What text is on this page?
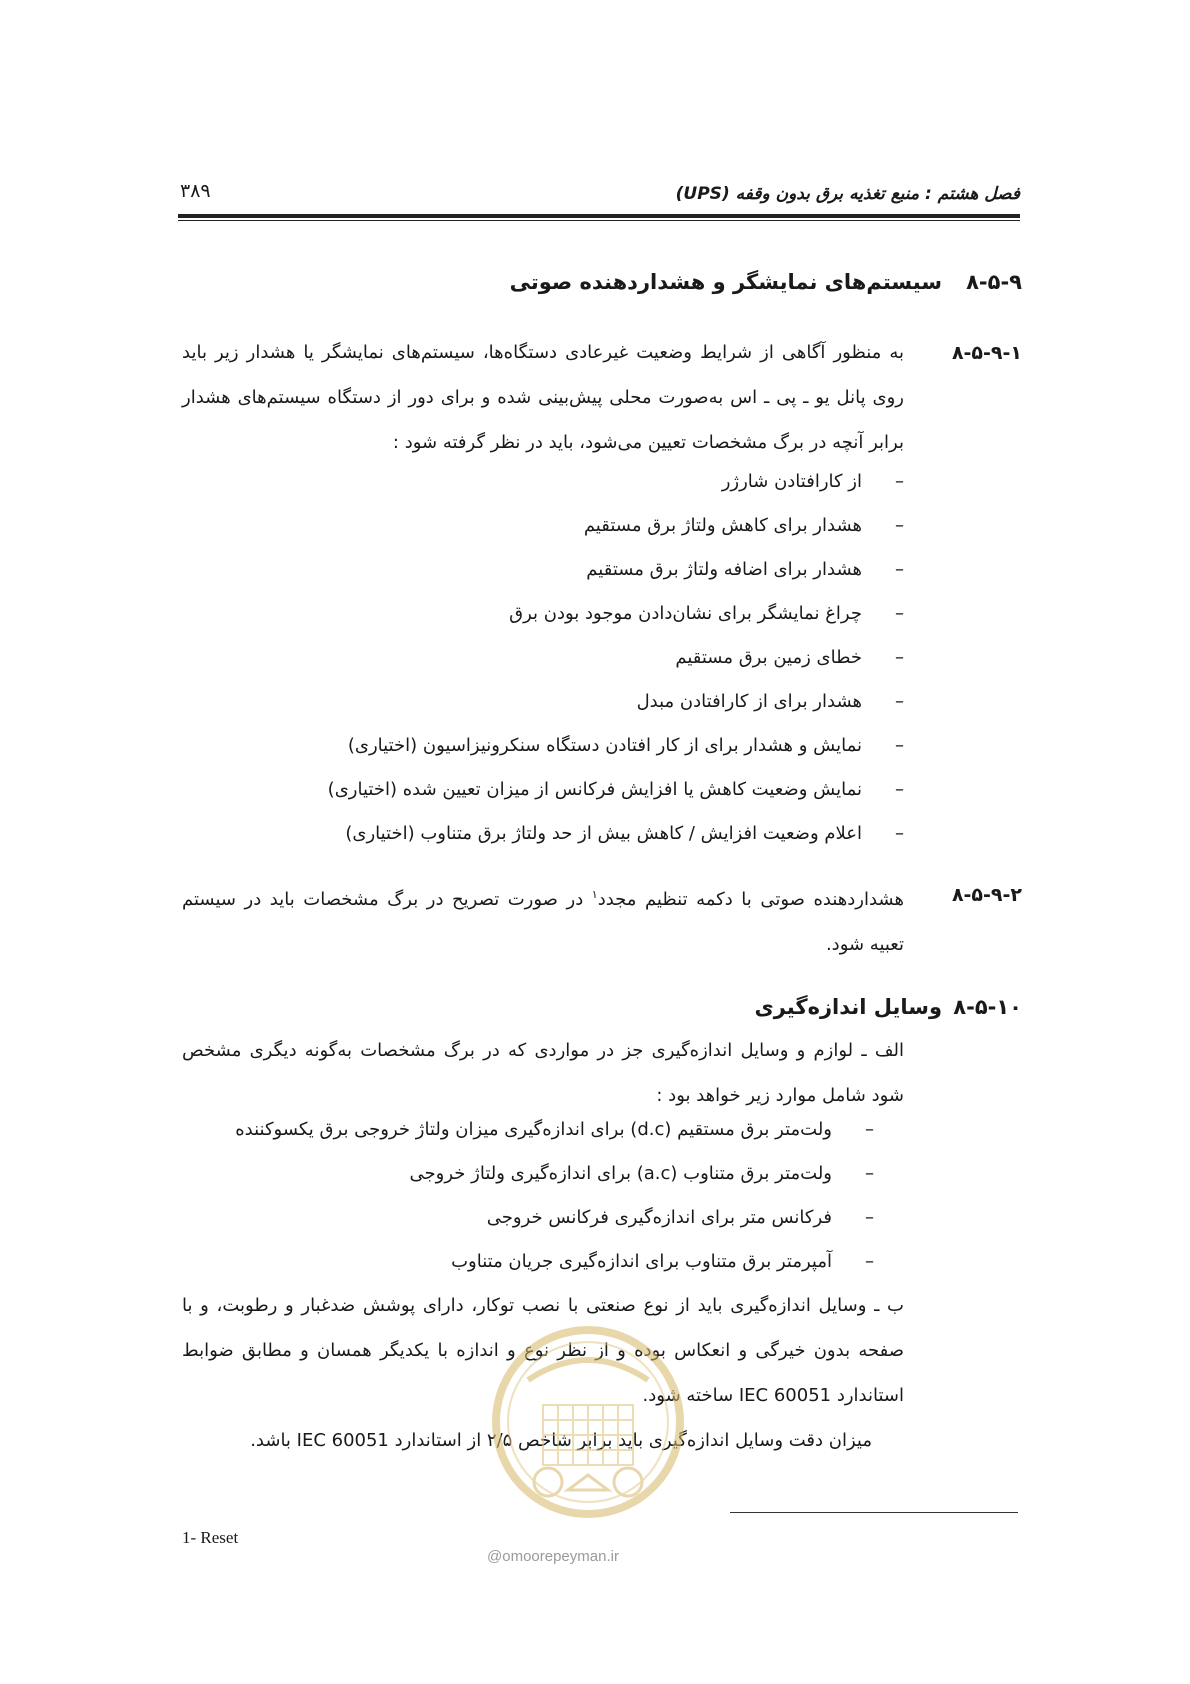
فصل هشتم : منبع تغذیه برق بدون وقفه (UPS)
۳۸۹
۸-۵-۹سیستم‌های نمایشگر و هشداردهنده صوتی
۸-۵-۹-۱
به منظور آگاهی از شرایط وضعیت غیرعادی دستگاه‌ها، سیستم‌های نمایشگر یا هشدار زیر باید روی پانل یو ـ پی ـ اس به‌صورت محلی پیش‌بینی شده و برای دور از دستگاه سیستم‌های هشدار برابر آنچه در برگ مشخصات تعیین می‌شود، باید در نظر گرفته شود :
–از کارافتادن شارژر
–هشدار برای کاهش ولتاژ برق مستقیم
–هشدار برای اضافه ولتاژ برق مستقیم
–چراغ نمایشگر برای نشان‌دادن موجود بودن برق
–خطای زمین برق مستقیم
–هشدار برای از کارافتادن مبدل
–نمایش و هشدار برای از کار افتادن دستگاه سنکرونیزاسیون (اختیاری)
–نمایش وضعیت کاهش یا افزایش فرکانس از میزان تعیین شده (اختیاری)
–اعلام وضعیت افزایش / کاهش بیش از حد ولتاژ برق متناوب (اختیاری)
۸-۵-۹-۲
هشداردهنده صوتی با دکمه تنظیم مجدد$^۱$ در صورت تصریح در برگ مشخصات باید در سیستم تعبیه شود.
۸-۵-۱۰وسایل اندازه‌گیری
الف ـ لوازم و وسایل اندازه‌گیری جز در مواردی که در برگ مشخصات به‌گونه دیگری مشخص شود شامل موارد زیر خواهد بود :
–ولت‌متر برق مستقیم (d.c) برای اندازه‌گیری میزان ولتاژ خروجی برق یکسوکننده
–ولت‌متر برق متناوب (a.c) برای اندازه‌گیری ولتاژ خروجی
–فرکانس متر برای اندازه‌گیری فرکانس خروجی
–آمپرمتر برق متناوب برای اندازه‌گیری جریان متناوب
ب ـ وسایل اندازه‌گیری باید از نوع صنعتی با نصب توکار، دارای پوشش ضدغبار و رطوبت، و با صفحه بدون خیرگی و انعکاس بوده و از نظر نوع و اندازه با یکدیگر همسان و مطابق ضوابط استاندارد IEC 60051 ساخته شود.
میزان دقت وسایل اندازه‌گیری باید برابر شاخص ۲/۵ از استاندارد IEC 60051 باشد.
1- Reset
@omoorepeyman.ir
